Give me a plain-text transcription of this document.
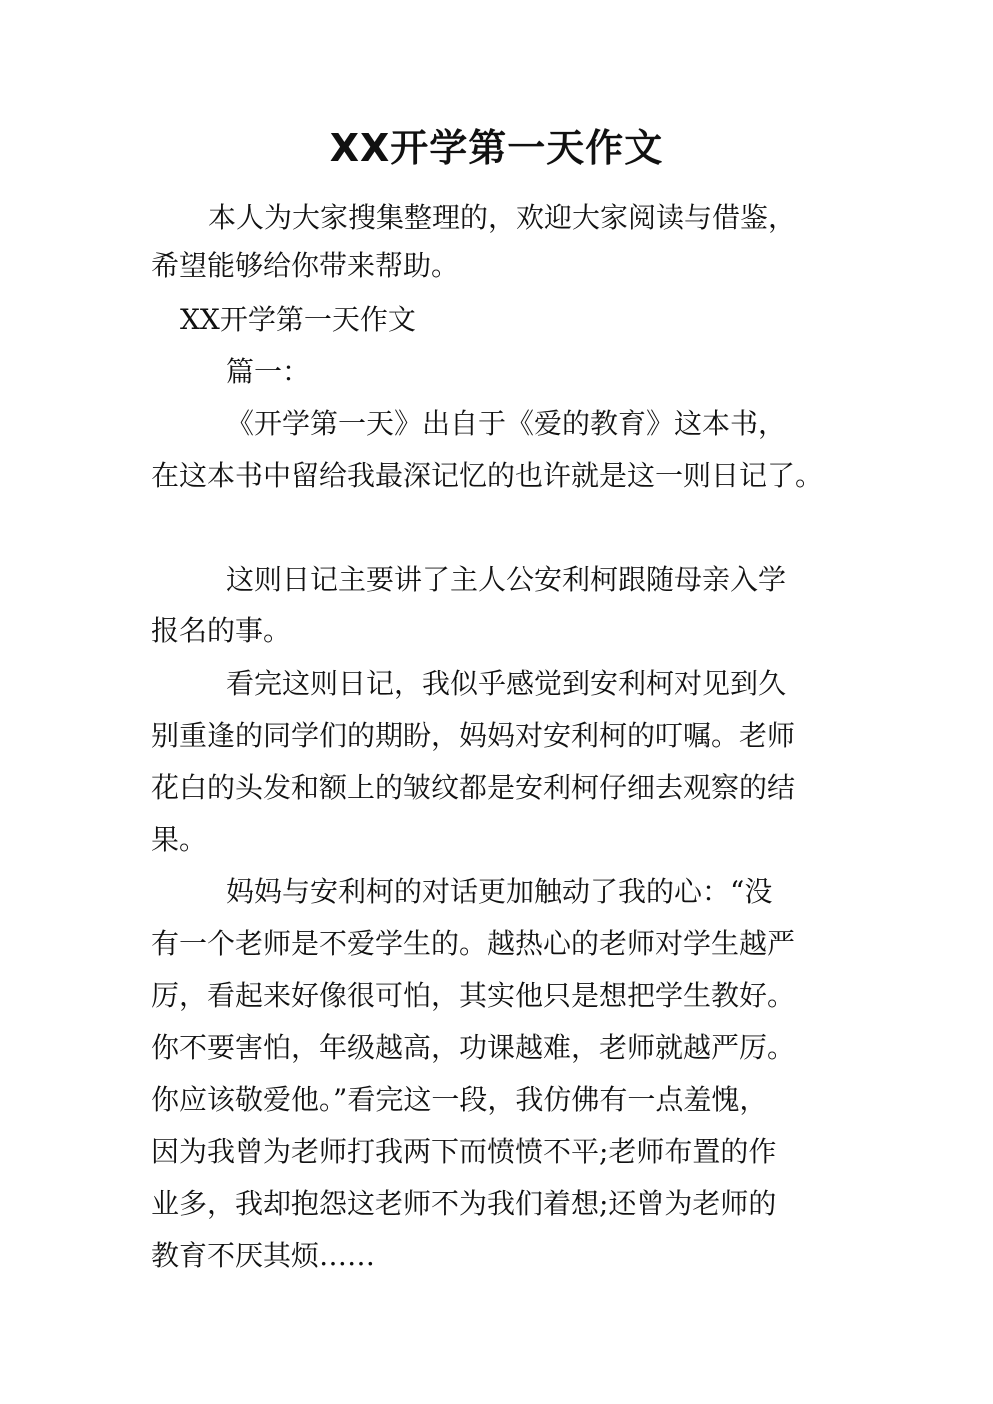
XX开学第一天作文

本人为大家搜集整理的，欢迎大家阅读与借鉴，

希望能够给你带来帮助。

XX开学第一天作文

篇一：

《开学第一天》出自于《爱的教育》这本书，

在这本书中留给我最深记忆的也许就是这一则日记了。

这则日记主要讲了主人公安利柯跟随母亲入学

报名的事。

看完这则日记，我似乎感觉到安利柯对见到久

别重逢的同学们的期盼，妈妈对安利柯的叮嘱。老师

花白的头发和额上的皱纹都是安利柯仔细去观察的结

果。

妈妈与安利柯的对话更加触动了我的心：“没

有一个老师是不爱学生的。越热心的老师对学生越严

厉，看起来好像很可怕，其实他只是想把学生教好。

你不要害怕，年级越高，功课越难，老师就越严厉。

你应该敬爱他。”看完这一段，我仿佛有一点羞愧，

因为我曾为老师打我两下而愤愤不平;老师布置的作

业多，我却抱怨这老师不为我们着想;还曾为老师的

教育不厌其烦……
